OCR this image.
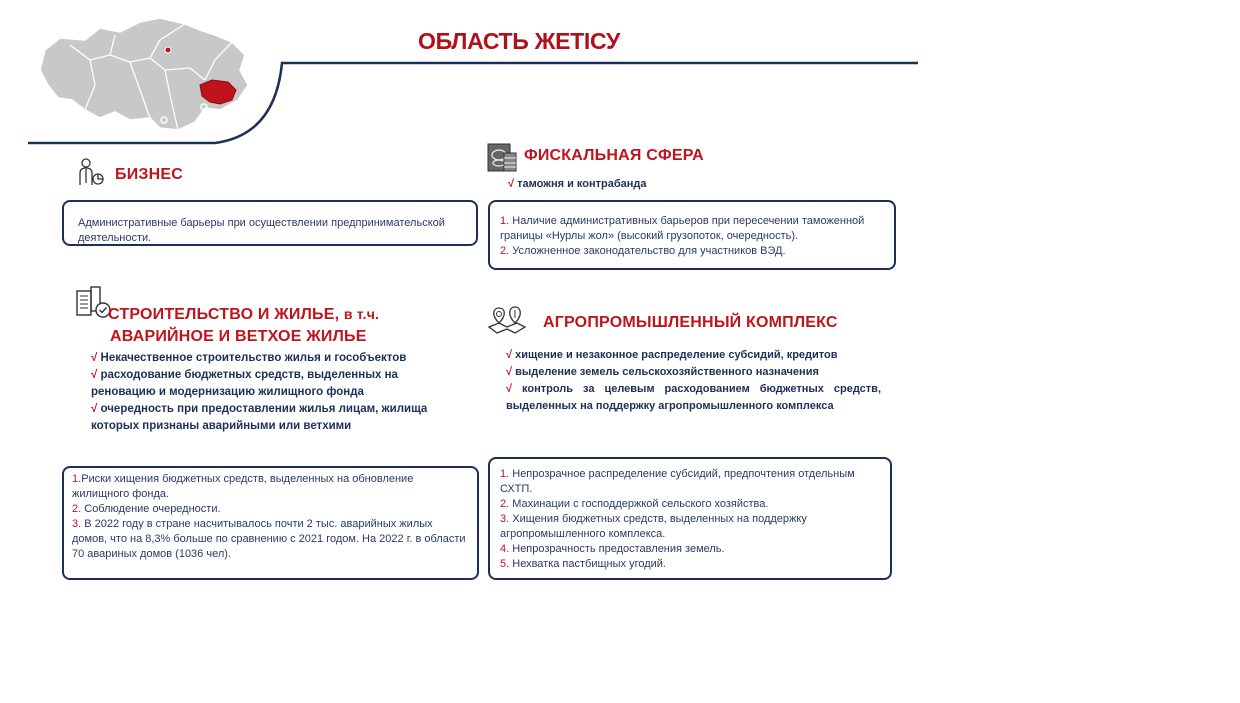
ОБЛАСТЬ ЖЕТІСУ
БИЗНЕС
Административные барьеры при осуществлении предпринимательской деятельности.
ФИСКАЛЬНАЯ СФЕРА
√ таможня и контрабанда
1. Наличие административных барьеров при пересечении таможенной границы «Нурлы жол» (высокий грузопоток, очередность).
2. Усложненное законодательство для участников ВЭД.
СТРОИТЕЛЬСТВО И ЖИЛЬЕ, в т.ч.
АВАРИЙНОЕ И ВЕТХОЕ ЖИЛЬЕ
√ Некачественное строительство жилья и гособъектов
√ расходование бюджетных средств, выделенных на реновацию и модернизацию жилищного фонда
√ очередность при предоставлении жилья лицам, жилища которых признаны аварийными или ветхими
1.Риски хищения бюджетных средств, выделенных на обновление жилищного фонда.
2. Соблюдение очередности.
3. В 2022 году в стране насчитывалось почти 2 тыс. аварийных жилых домов, что на 8,3% больше по сравнению с 2021 годом. На 2022 г. в области 70 авариных домов (1036 чел).
АГРОПРОМЫШЛЕННЫЙ КОМПЛЕКС
√ хищение и незаконное распределение субсидий, кредитов
√ выделение земель сельскохозяйственного назначения
√ контроль за целевым расходованием бюджетных средств, выделенных на поддержку агропромышленного комплекса
1. Непрозрачное распределение субсидий, предпочтения отдельным СХТП.
2. Махинации с господдержкой сельского хозяйства.
3. Хищения бюджетных средств, выделенных на поддержку агропромышленного комплекса.
4. Непрозрачность предоставления земель.
5. Нехватка пастбищных угодий.
